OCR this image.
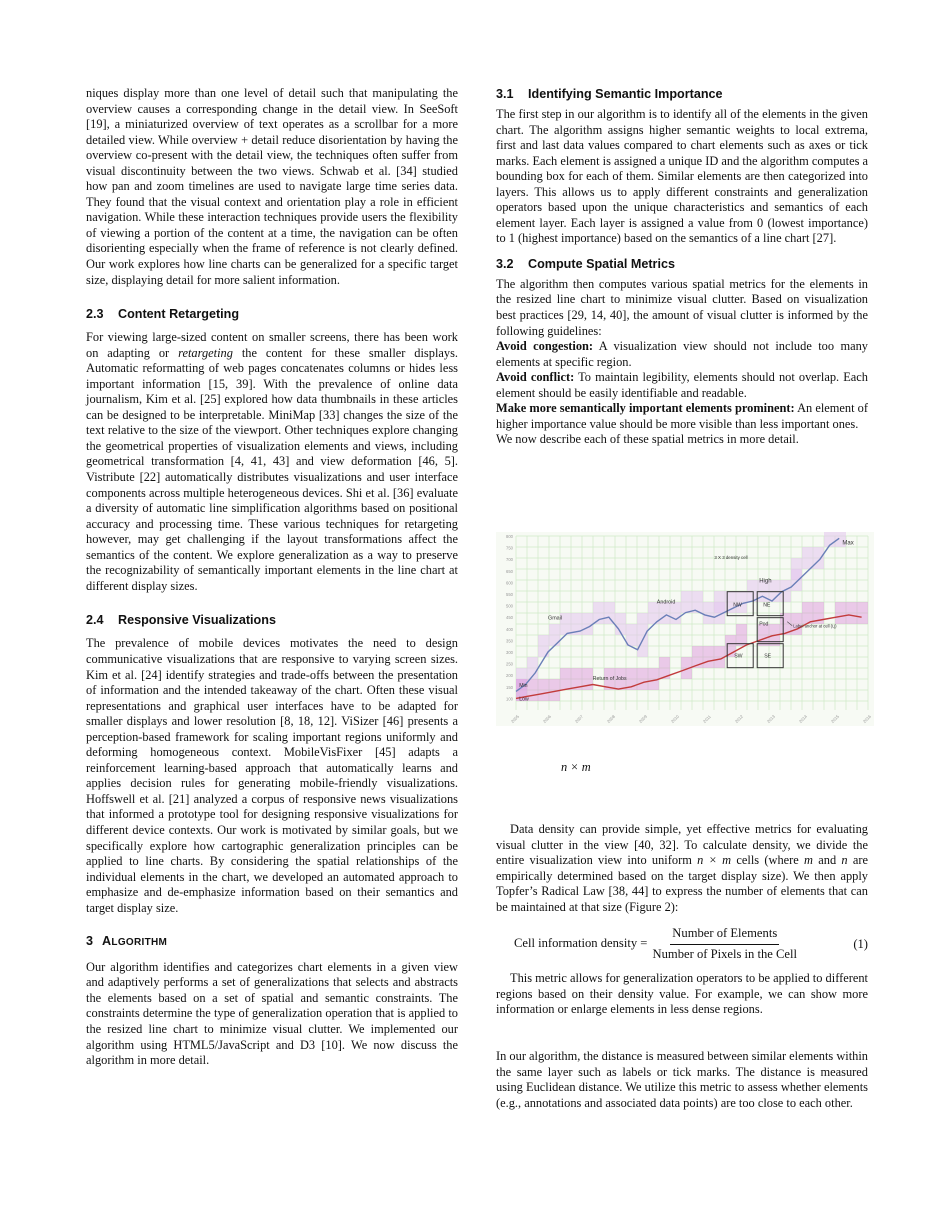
niques display more than one level of detail such that manipulating the overview causes a corresponding change in the detail view. In SeeSoft [19], a miniaturized overview of text operates as a scrollbar for a more detailed view. While overview + detail reduce disorientation by having the overview co-present with the detail view, the techniques often suffer from visual discontinuity between the two views. Schwab et al. [34] studied how pan and zoom timelines are used to navigate large time series data. They found that the visual context and orientation play a role in efficient navigation. While these interaction techniques provide users the flexibility of viewing a portion of the content at a time, the navigation can be often disorienting especially when the frame of reference is not clearly defined. Our work explores how line charts can be generalized for a specific target size, displaying detail for more salient information.

2.3 Content Retargeting

For viewing large-sized content on smaller screens, there has been work on adapting or retargeting the content for these smaller displays. Automatic reformatting of web pages concatenates columns or hides less important information [15, 39]. With the prevalence of online data journalism, Kim et al. [25] explored how data thumbnails in these articles can be designed to be interpretable. MiniMap [33] changes the size of the text relative to the size of the viewport. Other techniques explore changing the geometrical properties of visualization elements and views, including geometrical transformation [4, 41, 43] and view deformation [46, 5]. Vistribute [22] automatically distributes visualizations and user interface components across multiple heterogeneous devices. Shi et al. [36] evaluate a diversity of automatic line simplification algorithms based on positional accuracy and processing time. These various techniques for retargeting however, may get challenging if the layout transformations affect the semantics of the content. We explore generalization as a way to preserve the recognizability of semantically important elements in the line chart at different display sizes.

2.4 Responsive Visualizations

The prevalence of mobile devices motivates the need to design communicative visualizations that are responsive to varying screen sizes. Kim et al. [24] identify strategies and trade-offs between the presentation of information and the intended takeaway of the chart. Often these visual representations and graphical user interfaces have to be adapted for smaller displays and lower resolution [8, 18, 12]. ViSizer [46] presents a perception-based framework for scaling important regions uniformly and deforming homogeneous context. MobileVisFixer [45] adapts a reinforcement learning-based approach that automatically learns and applies decision rules for generating mobile-friendly visualizations. Hoffswell et al. [21] analyzed a corpus of responsive news visualizations that informed a prototype tool for designing responsive visualizations for different device contexts. Our work is motivated by similar goals, but we specifically explore how cartographic generalization principles can be applied to line charts. By considering the spatial relationships of the individual elements in the chart, we developed an automated approach to emphasize and de-emphasize information based on their semantics and target display size.

3 ALGORITHM

Our algorithm identifies and categorizes chart elements in a given view and adaptively performs a set of generalizations that selects and abstracts the elements based on a set of spatial and semantic constraints. The constraints determine the type of generalization operation that is applied to the resized line chart to minimize visual clutter. We implemented our algorithm using HTML5/JavaScript and D3 [10]. We now discuss the algorithm in more detail.

3.1 Identifying Semantic Importance

The first step in our algorithm is to identify all of the elements in the given chart. The algorithm assigns higher semantic weights to local extrema, first and last data values compared to chart elements such as axes or tick marks. Each element is assigned a unique ID and the algorithm computes a bounding box for each of them. Similar elements are then categorized into layers. This allows us to apply different constraints and generalization operators based upon the unique characteristics and semantics of each element layer. Each layer is assigned a value from 0 (lowest importance) to 1 (highest importance) based on the semantics of a line chart [27].

3.2 Compute Spatial Metrics

The algorithm then computes various spatial metrics for the elements in the resized line chart to minimize visual clutter. Based on visualization best practices [29, 14, 40], the amount of visual clutter is informed by the following guidelines:

Avoid congestion: A visualization view should not include too many elements at specific region.

Avoid conflict: To maintain legibility, elements should not overlap. Each element should be easily identifiable and readable.

Make more semantically important elements prominent: An element of higher importance value should be more visible than less important ones.

We now describe each of these spatial metrics in more detail.

100
150
200
250
300
350
400
450
500
550
600
650
700
750
800
2005	2006	2007	2008	2009	2010	2011	2012	2013	2014	2015	2016
Max
3 X 3 density cell
High
Android
Gmail
NW	NE
Pod
SW	SE
Label anchor at cell (i,j)
Return of Jobs
Min
Low
n × m

Data density can provide simple, yet effective metrics for evaluating visual clutter in the view [40, 32]. To calculate density, we divide the entire visualization view into uniform n × m cells (where m and n are empirically determined based on the target display size). We then apply Topfer’s Radical Law [38, 44] to express the number of elements that can be maintained at that size (Figure 2):

Cell information density = $\frac{\text{Number of Elements}}{\text{Number of Pixels in the Cell}}$	(1)

This metric allows for generalization operators to be applied to different regions based on their density value. For example, we can show more information or enlarge elements in less dense regions.

In our algorithm, the distance is measured between similar elements within the same layer such as labels or tick marks. The distance is measured using Euclidean distance. We utilize this metric to assess whether elements (e.g., annotations and associated data points) are too close to each other.
